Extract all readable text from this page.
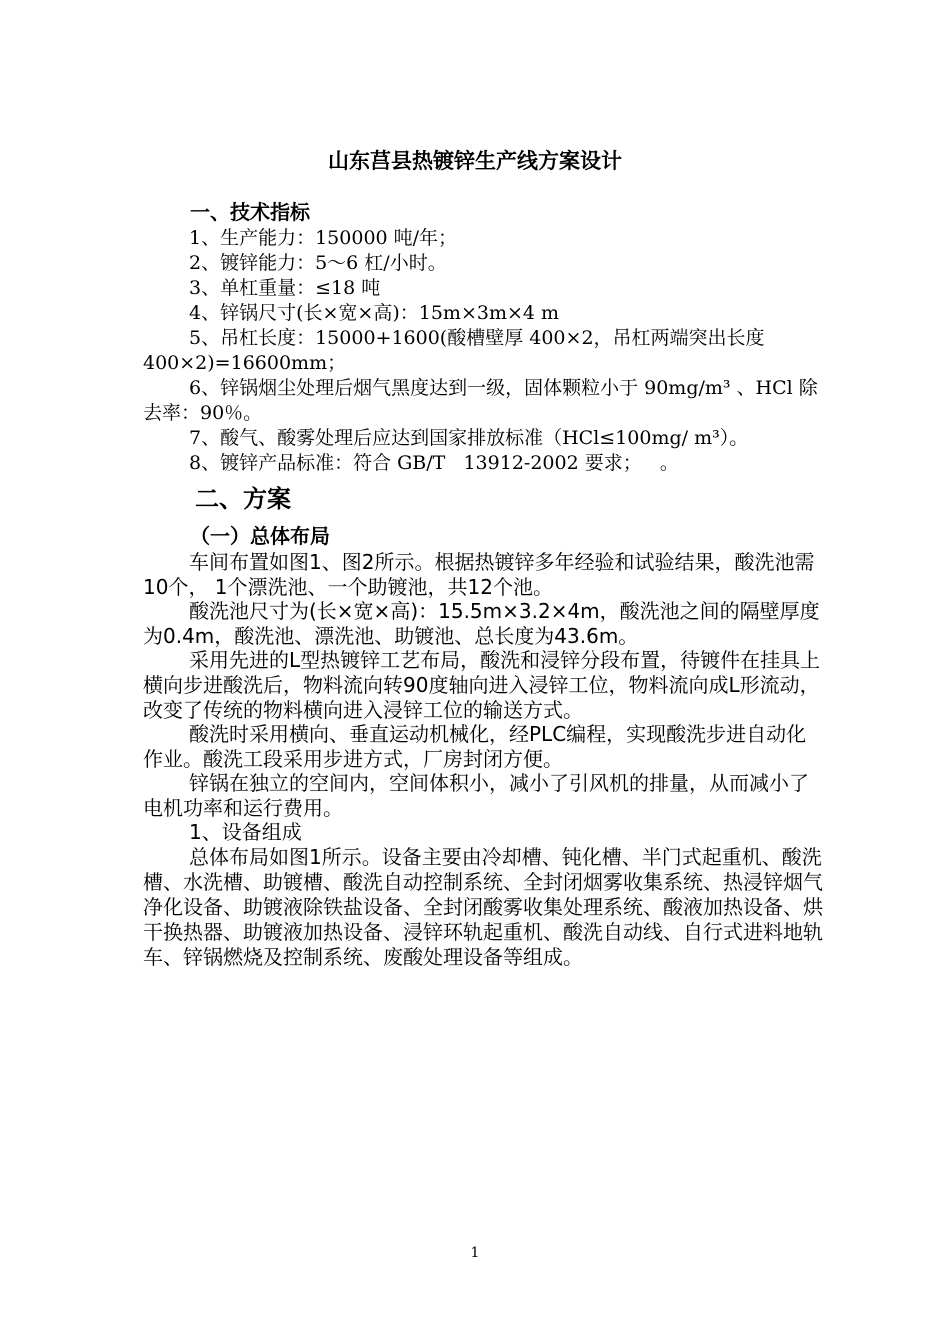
山东莒县热镀锌生产线方案设计
一、技术指标
1、生产能力：150000 吨/年；
2、镀锌能力：5～6 杠/小时。
3、单杠重量：≤18 吨
4、锌锅尺寸(长×宽×高)：15m×3m×4 m
5、吊杠长度：15000+1600(酸槽壁厚 400×2，吊杠两端突出长度 400×2)=16600mm；
6、锌锅烟尘处理后烟气黑度达到一级，固体颗粒小于 90mg/m³ 、HCl 除去率：90％。
7、酸气、酸雾处理后应达到国家排放标准（HCl≤100mg/ m³）。
8、镀锌产品标准：符合 GB/T   13912-2002 要求；   。
二、方案
（一）总体布局
车间布置如图1、图2所示。根据热镀锌多年经验和试验结果，酸洗池需10个， 1个漂洗池、一个助镀池，共12个池。
酸洗池尺寸为(长×宽×高)：15.5m×3.2×4m，酸洗池之间的隔壁厚度为0.4m，酸洗池、漂洗池、助镀池、总长度为43.6m。
采用先进的L型热镀锌工艺布局，酸洗和浸锌分段布置，待镀件在挂具上横向步进酸洗后，物料流向转90度轴向进入浸锌工位，物料流向成L形流动，改变了传统的物料横向进入浸锌工位的输送方式。
酸洗时采用横向、垂直运动机械化，经PLC编程，实现酸洗步进自动化作业。酸洗工段采用步进方式，厂房封闭方便。
锌锅在独立的空间内，空间体积小，减小了引风机的排量，从而减小了电机功率和运行费用。
1、设备组成
总体布局如图1所示。设备主要由冷却槽、钝化槽、半门式起重机、酸洗槽、水洗槽、助镀槽、酸洗自动控制系统、全封闭烟雾收集系统、热浸锌烟气净化设备、助镀液除铁盐设备、全封闭酸雾收集处理系统、酸液加热设备、烘干换热器、助镀液加热设备、浸锌环轨起重机、酸洗自动线、自行式进料地轨车、锌锅燃烧及控制系统、废酸处理设备等组成。
1
